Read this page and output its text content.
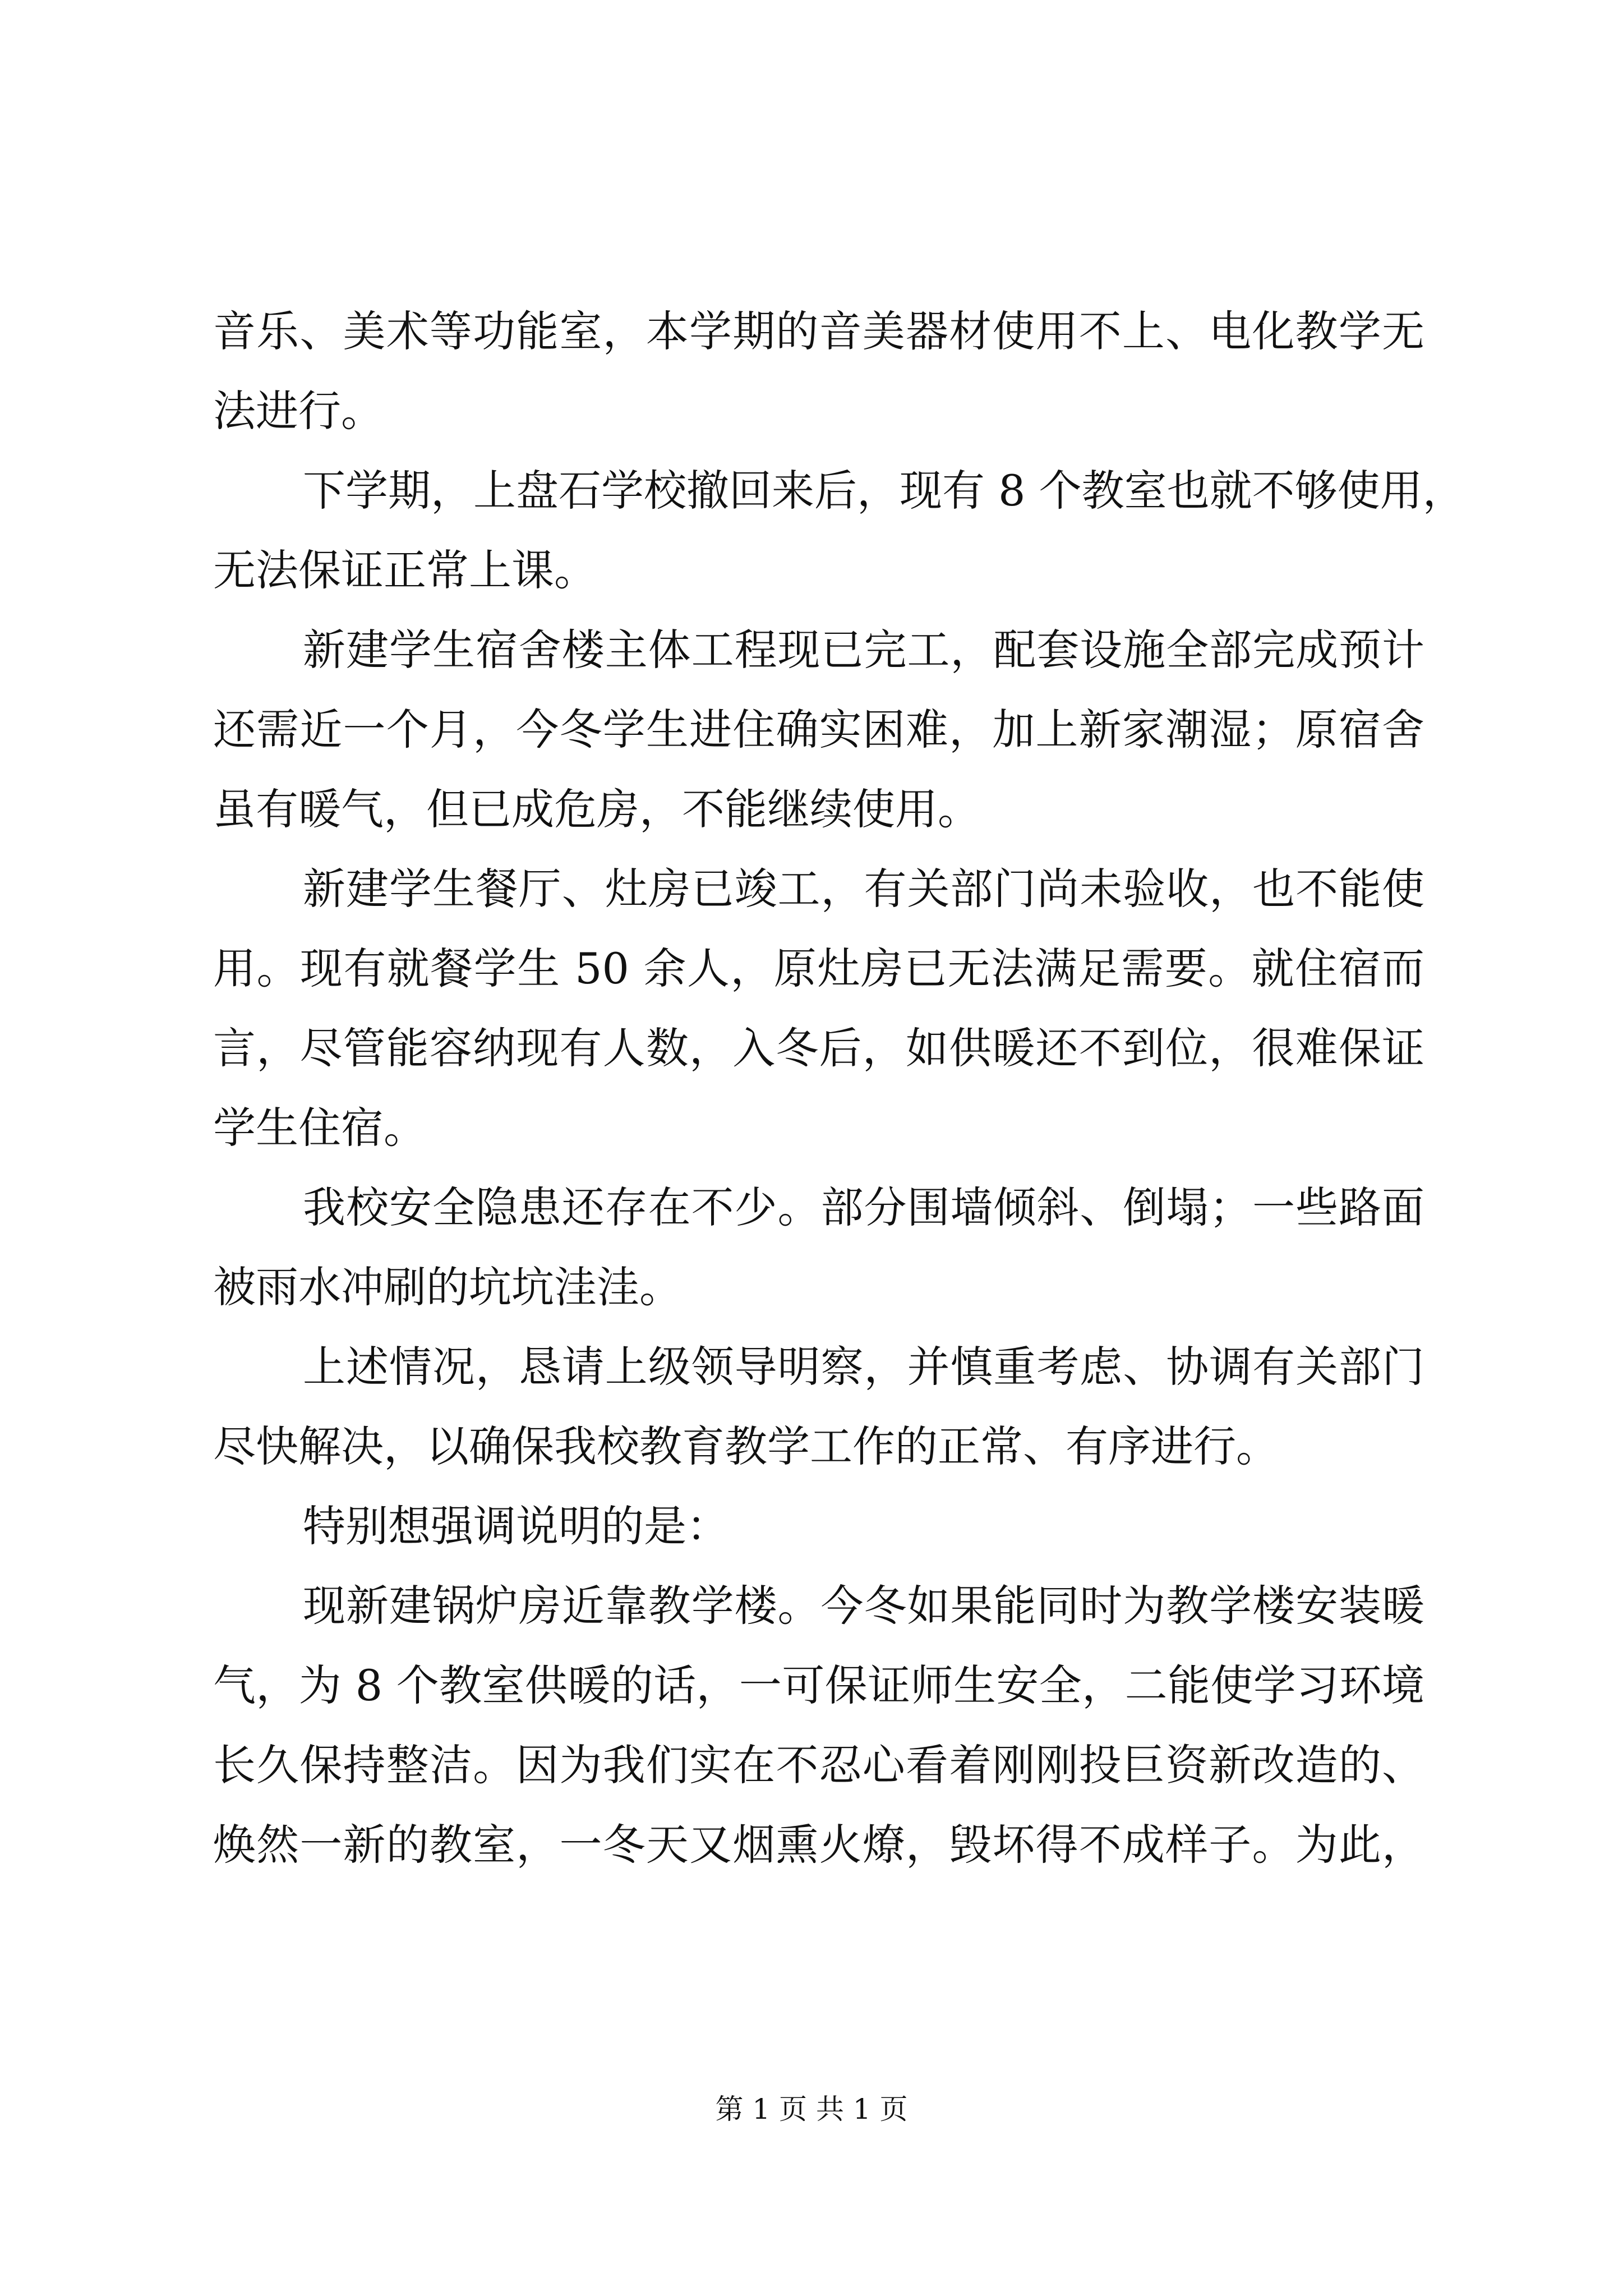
音乐、美术等功能室，本学期的音美器材使用不上、电化教学无
法进行。
下学期，上盘石学校撤回来后，现有 8 个教室也就不够使用，
无法保证正常上课。
新建学生宿舍楼主体工程现已完工，配套设施全部完成预计
还需近一个月，今冬学生进住确实困难，加上新家潮湿；原宿舍
虽有暖气，但已成危房，不能继续使用。
新建学生餐厅、灶房已竣工，有关部门尚未验收，也不能使
用。现有就餐学生 50 余人，原灶房已无法满足需要。就住宿而
言，尽管能容纳现有人数，入冬后，如供暖还不到位，很难保证
学生住宿。
我校安全隐患还存在不少。部分围墙倾斜、倒塌；一些路面
被雨水冲刷的坑坑洼洼。
上述情况，恳请上级领导明察，并慎重考虑、协调有关部门
尽快解决，以确保我校教育教学工作的正常、有序进行。
特别想强调说明的是：
现新建锅炉房近靠教学楼。今冬如果能同时为教学楼安装暖
气，为 8 个教室供暖的话，一可保证师生安全，二能使学习环境
长久保持整洁。因为我们实在不忍心看着刚刚投巨资新改造的、
焕然一新的教室，一冬天又烟熏火燎，毁坏得不成样子。为此，
第 1 页 共 1 页
